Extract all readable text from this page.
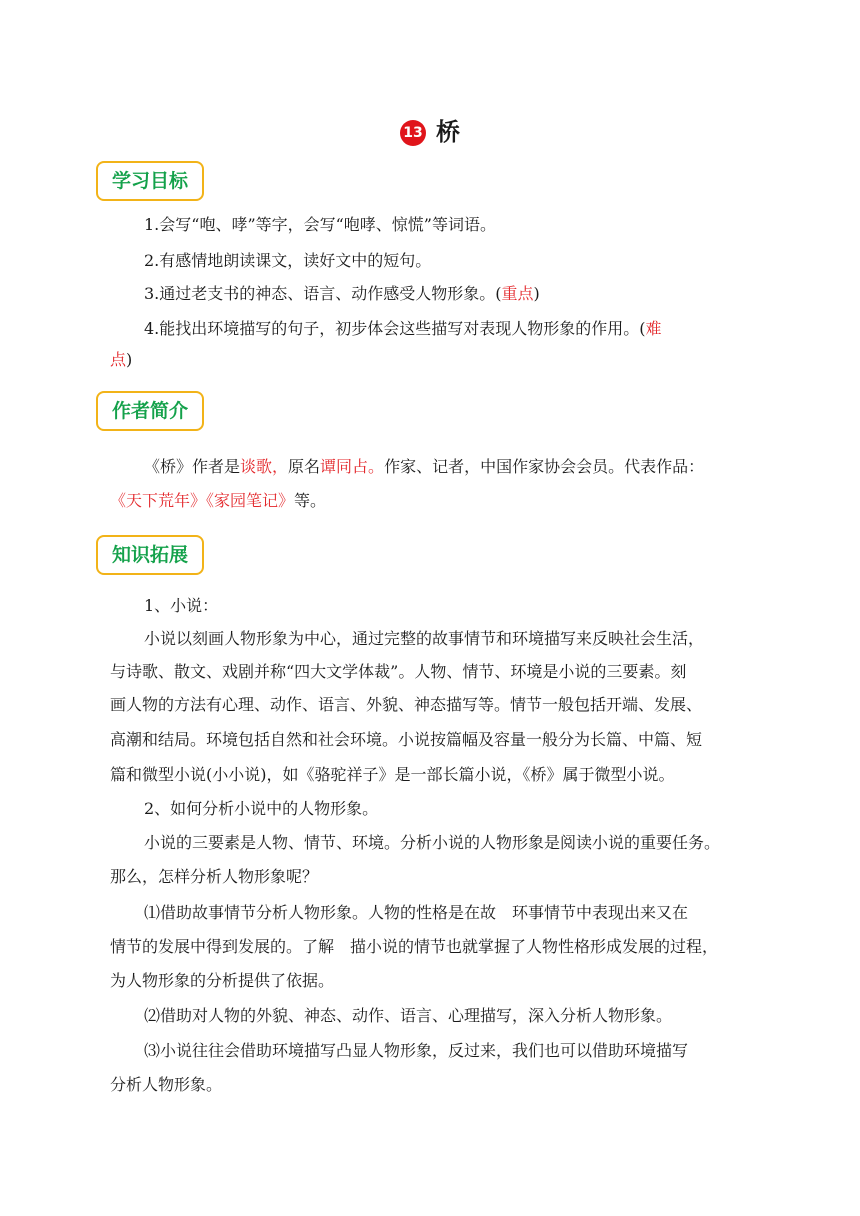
13 桥
学习目标
1.会写“咆、哮”等字，会写“咆哮、惊慌”等词语。
2.有感情地朗读课文，读好文中的短句。
3.通过老支书的神态、语言、动作感受人物形象。(重点)
4.能找出环境描写的句子，初步体会这些描写对表现人物形象的作用。(难
点)
作者简介
《桥》作者是谈歌，原名谭同占。作家、记者，中国作家协会会员。代表作品：
《天下荒年》《家园笔记》等。
知识拓展
1、小说：
小说以刻画人物形象为中心，通过完整的故事情节和环境描写来反映社会生活，
与诗歌、散文、戏剧并称“四大文学体裁”。人物、情节、环境是小说的三要素。刻
画人物的方法有心理、动作、语言、外貌、神态描写等。情节一般包括开端、发展、
高潮和结局。环境包括自然和社会环境。小说按篇幅及容量一般分为长篇、中篇、短
篇和微型小说(小小说)，如《骆驼祥子》是一部长篇小说，《桥》属于微型小说。
2、如何分析小说中的人物形象。
小说的三要素是人物、情节、环境。分析小说的人物形象是阅读小说的重要任务。
那么，怎样分析人物形象呢？
⑴借助故事情节分析人物形象。人物的性格是在故　环事情节中表现出来又在
情节的发展中得到发展的。了解　描小说的情节也就掌握了人物性格形成发展的过程，
为人物形象的分析提供了依据。
⑵借助对人物的外貌、神态、动作、语言、心理描写，深入分析人物形象。
⑶小说往往会借助环境描写凸显人物形象，反过来，我们也可以借助环境描写
分析人物形象。
